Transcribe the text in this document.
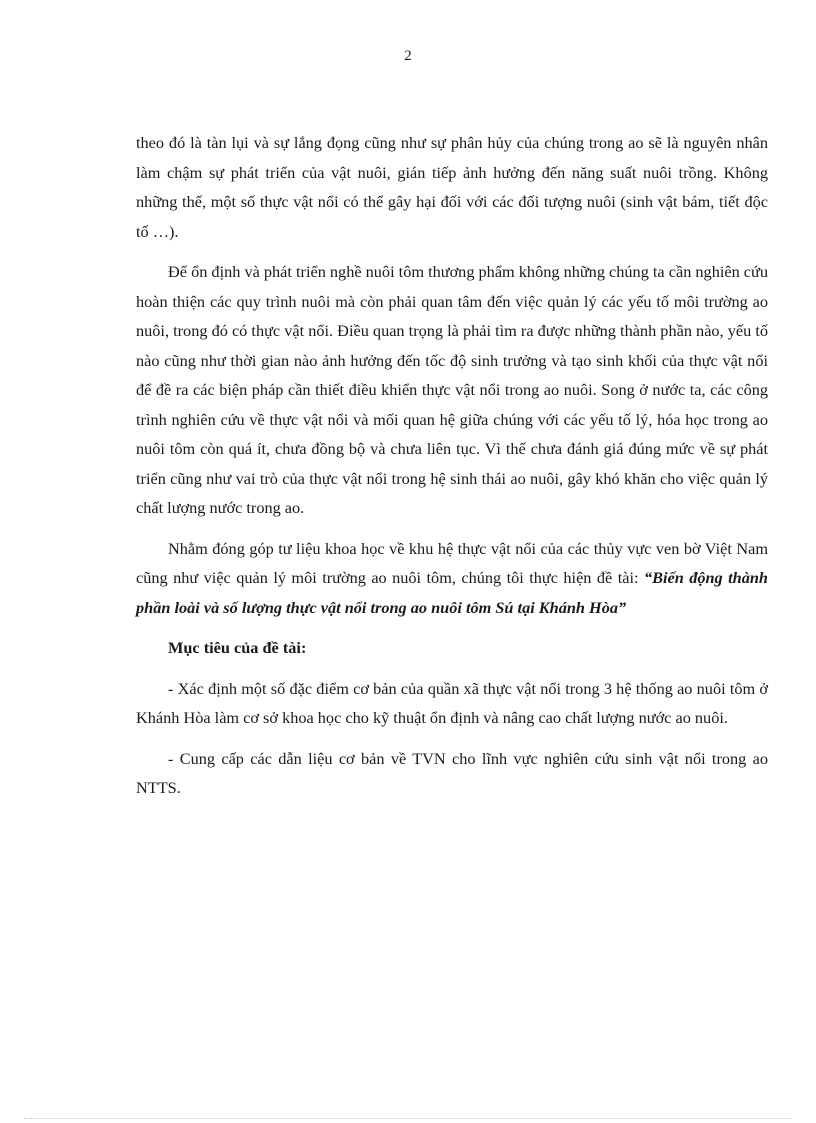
2

theo đó là tàn lụi và sự lắng đọng cũng như sự phân hủy của chúng trong ao sẽ là nguyên nhân làm chậm sự phát triển của vật nuôi, gián tiếp ảnh hưởng đến năng suất nuôi trồng. Không những thế, một số thực vật nổi có thể gây hại đối với các đối tượng nuôi (sinh vật bám, tiết độc tố …).

Để ổn định và phát triển nghề nuôi tôm thương phẩm không những chúng ta cần nghiên cứu hoàn thiện các quy trình nuôi mà còn phải quan tâm đến việc quản lý các yếu tố môi trường ao nuôi, trong đó có thực vật nổi. Điều quan trọng là phải tìm ra được những thành phần nào, yếu tố nào cũng như thời gian nào ảnh hưởng đến tốc độ sinh trưởng và tạo sinh khối của thực vật nổi để đề ra các biện pháp cần thiết điều khiển thực vật nổi trong ao nuôi. Song ở nước ta, các công trình nghiên cứu về thực vật nổi và mối quan hệ giữa chúng với các yếu tố lý, hóa học trong ao nuôi tôm còn quá ít, chưa đồng bộ và chưa liên tục. Vì thế chưa đánh giá đúng mức về sự phát triển cũng như vai trò của thực vật nổi trong hệ sinh thái ao nuôi, gây khó khăn cho việc quản lý chất lượng nước trong ao.

Nhằm đóng góp tư liệu khoa học về khu hệ thực vật nổi của các thủy vực ven bờ Việt Nam cũng như việc quản lý môi trường ao nuôi tôm, chúng tôi thực hiện đề tài: “Biến động thành phần loài và số lượng thực vật nổi trong ao nuôi tôm Sú tại Khánh Hòa”

Mục tiêu của đề tài:

- Xác định một số đặc điểm cơ bản của quần xã thực vật nổi trong 3 hệ thống ao nuôi tôm ở Khánh Hòa làm cơ sở khoa học cho kỹ thuật ổn định và nâng cao chất lượng nước ao nuôi.

- Cung cấp các dẫn liệu cơ bản về TVN cho lĩnh vực nghiên cứu sinh vật nổi trong ao NTTS.
